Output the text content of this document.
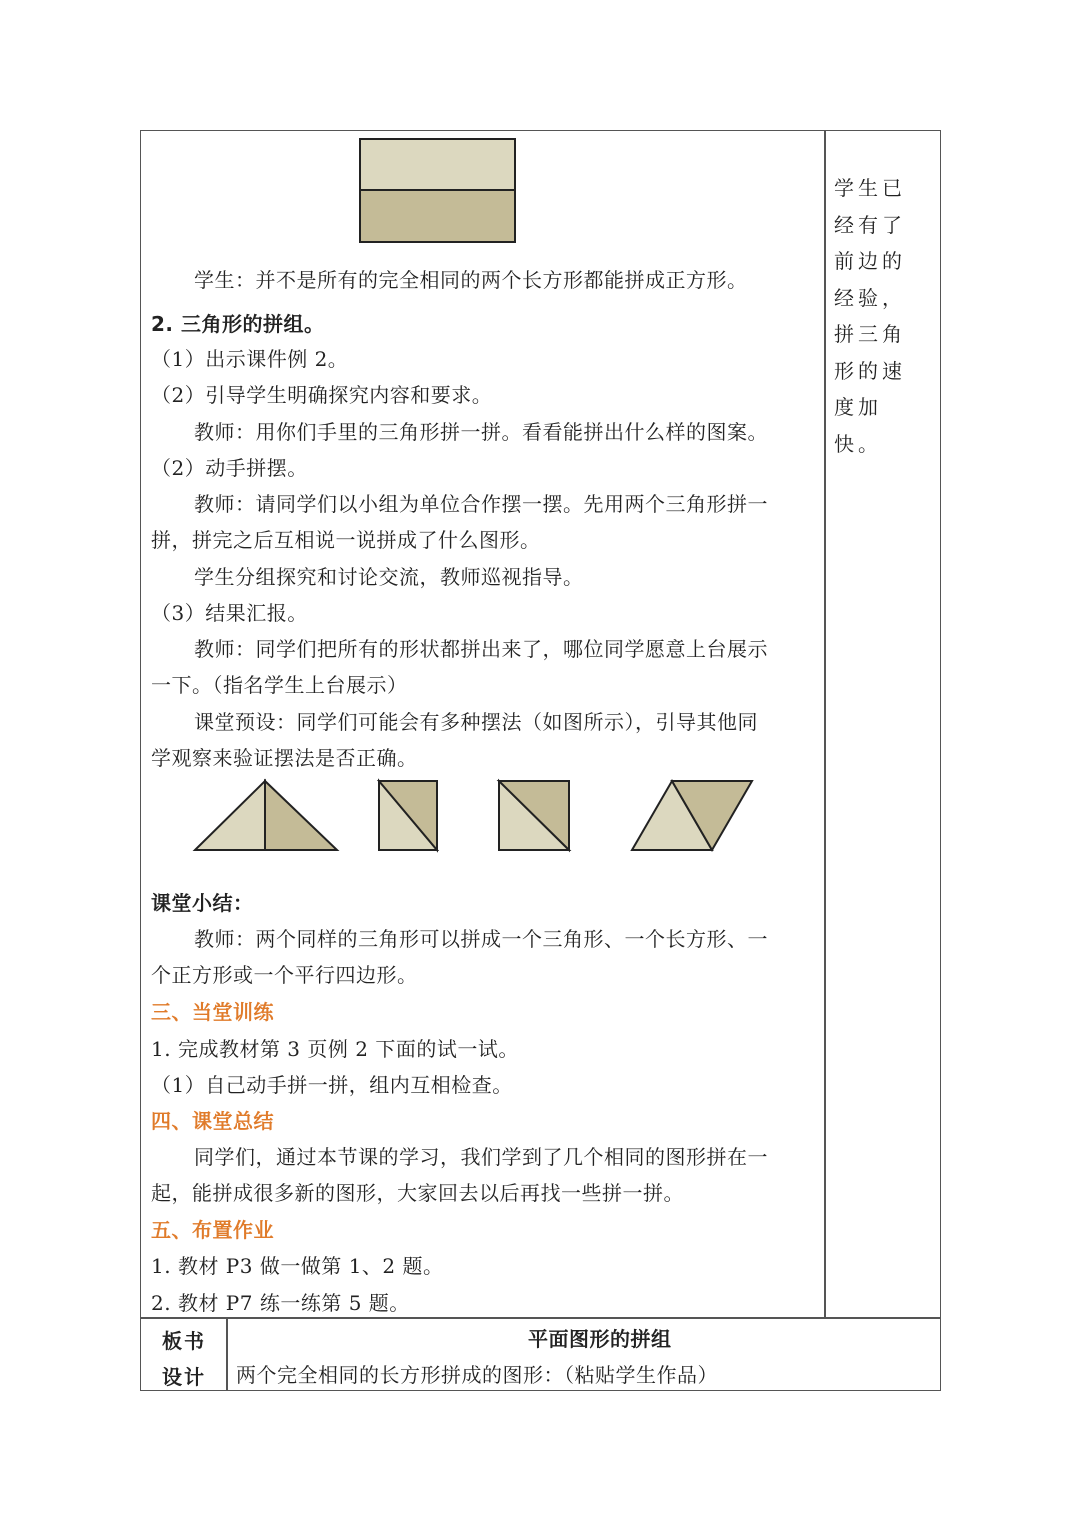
学生：并不是所有的完全相同的两个长方形都能拼成正方形。
2. 三角形的拼组。
（1）出示课件例 2。
（2）引导学生明确探究内容和要求。
教师：用你们手里的三角形拼一拼。看看能拼出什么样的图案。
（2）动手拼摆。
教师：请同学们以小组为单位合作摆一摆。先用两个三角形拼一
拼，拼完之后互相说一说拼成了什么图形。
学生分组探究和讨论交流，教师巡视指导。
（3）结果汇报。
教师：同学们把所有的形状都拼出来了，哪位同学愿意上台展示
一下。（指名学生上台展示）
课堂预设：同学们可能会有多种摆法（如图所示），引导其他同
学观察来验证摆法是否正确。
课堂小结：
教师：两个同样的三角形可以拼成一个三角形、一个长方形、一
个正方形或一个平行四边形。
三、当堂训练
1. 完成教材第 3 页例 2 下面的试一试。
（1）自己动手拼一拼，组内互相检查。
四、课堂总结
同学们，通过本节课的学习，我们学到了几个相同的图形拼在一
起，能拼成很多新的图形，大家回去以后再找一些拼一拼。
五、布置作业
1. 教材 P3 做一做第 1、2 题。
2. 教材 P7 练一练第 5 题。
学生已经有了前边的经验，拼三角形的速度加快。
板书
设计
平面图形的拼组
两个完全相同的长方形拼成的图形：（粘贴学生作品）
